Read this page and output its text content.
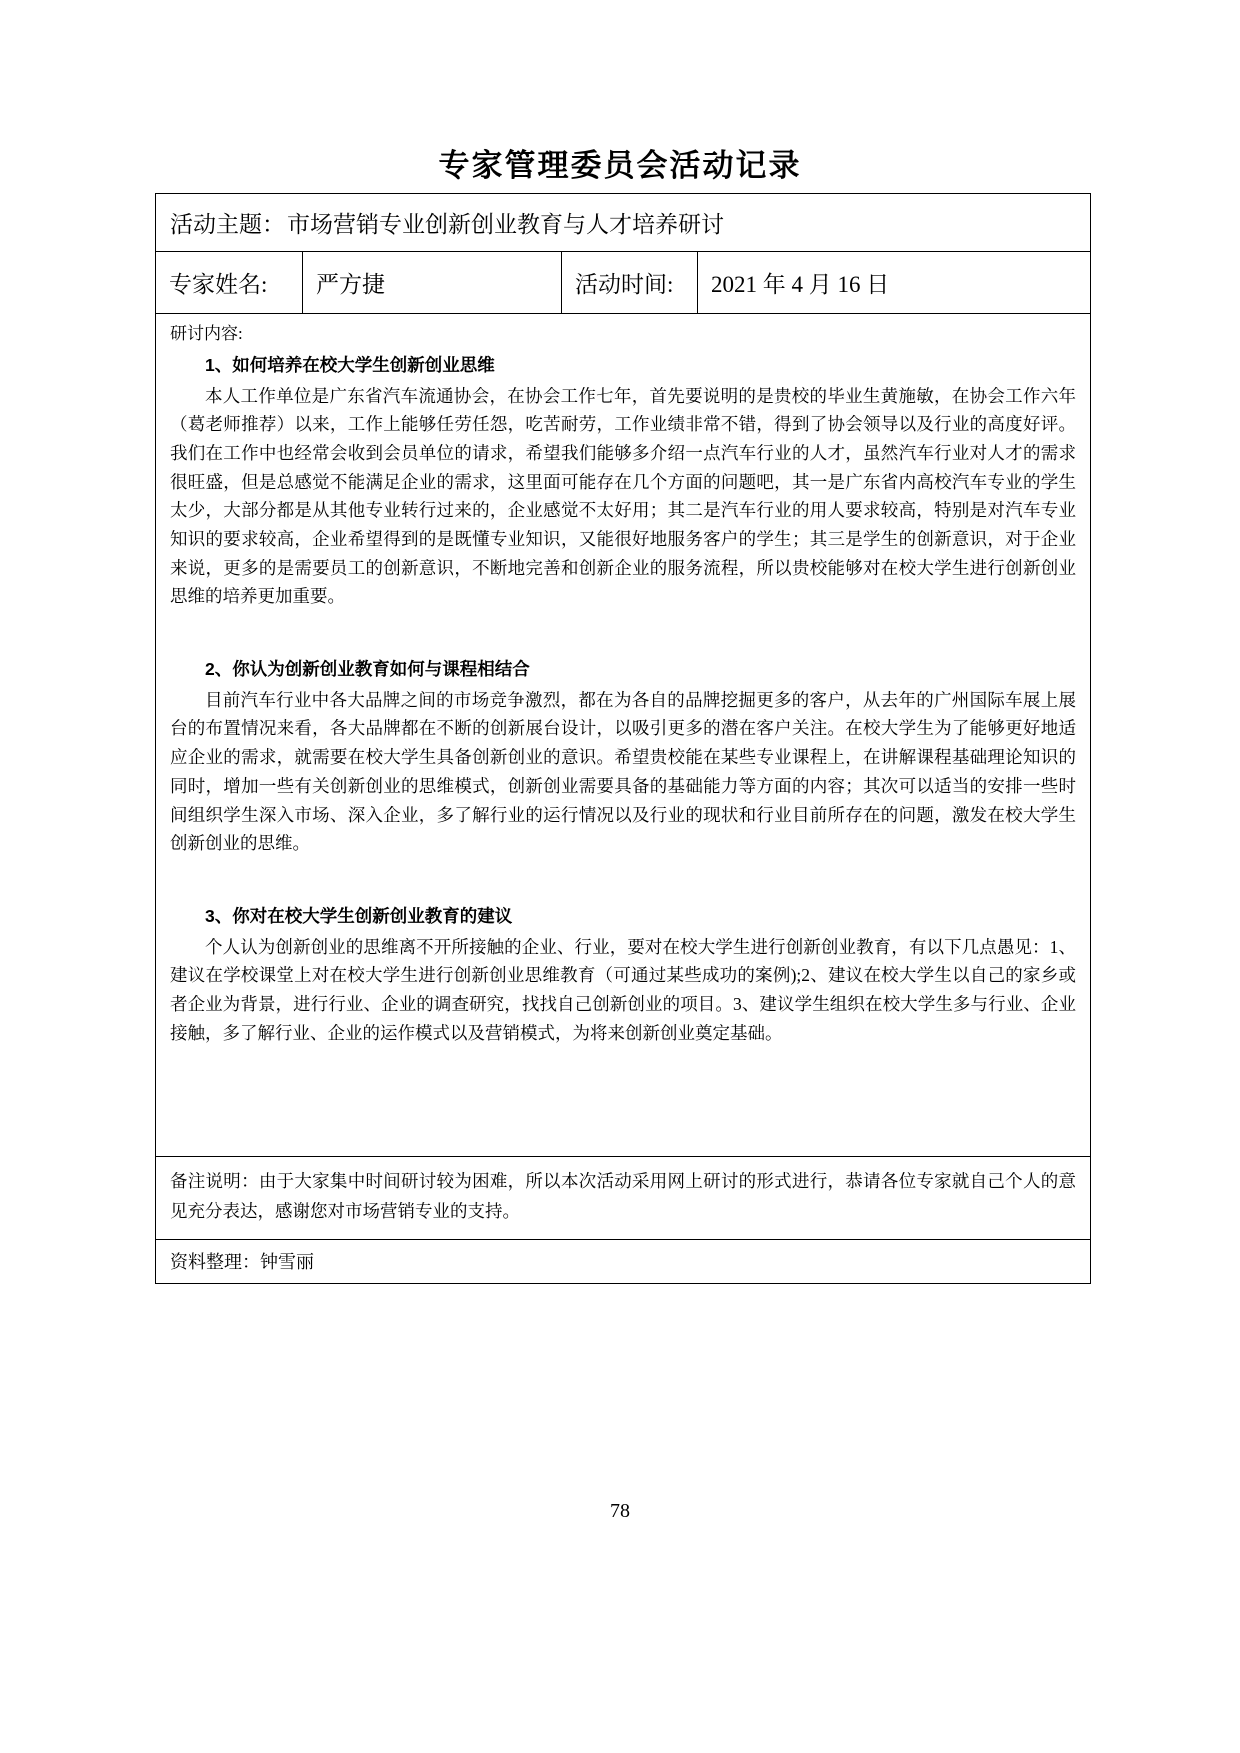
专家管理委员会活动记录
活动主题： 市场营销专业创新创业教育与人才培养研讨
专家姓名: 严方捷	活动时间: 2021 年 4 月 16 日
研讨内容:
1、如何培养在校大学生创新创业思维

本人工作单位是广东省汽车流通协会，在协会工作七年，首先要说明的是贵校的毕业生黄施敏，在协会工作六年（葛老师推荐）以来，工作上能够任劳任怨，吃苦耐劳，工作业绩非常不错，得到了协会领导以及行业的高度好评。我们在工作中也经常会收到会员单位的请求，希望我们能够多介绍一点汽车行业的人才，虽然汽车行业对人才的需求很旺盛，但是总感觉不能满足企业的需求，这里面可能存在几个方面的问题吧，其一是广东省内高校汽车专业的学生太少，大部分都是从其他专业转行过来的，企业感觉不太好用；其二是汽车行业的用人要求较高，特别是对汽车专业知识的要求较高，企业希望得到的是既懂专业知识，又能很好地服务客户的学生；其三是学生的创新意识，对于企业来说，更多的是需要员工的创新意识，不断地完善和创新企业的服务流程，所以贵校能够对在校大学生进行创新创业思维的培养更加重要。

2、你认为创新创业教育如何与课程相结合

目前汽车行业中各大品牌之间的市场竞争激烈，都在为各自的品牌挖掘更多的客户，从去年的广州国际车展上展台的布置情况来看，各大品牌都在不断的创新展台设计，以吸引更多的潜在客户关注。在校大学生为了能够更好地适应企业的需求，就需要在校大学生具备创新创业的意识。希望贵校能在某些专业课程上，在讲解课程基础理论知识的同时，增加一些有关创新创业的思维模式，创新创业需要具备的基础能力等方面的内容；其次可以适当的安排一些时间组织学生深入市场、深入企业，多了解行业的运行情况以及行业的现状和行业目前所存在的问题，激发在校大学生创新创业的思维。

3、你对在校大学生创新创业教育的建议

个人认为创新创业的思维离不开所接触的企业、行业，要对在校大学生进行创新创业教育，有以下几点愚见：1、建议在学校课堂上对在校大学生进行创新创业思维教育（可通过某些成功的案例);2、建议在校大学生以自己的家乡或者企业为背景，进行行业、企业的调查研究，找找自己创新创业的项目。3、建议学生组织在校大学生多与行业、企业接触，多了解行业、企业的运作模式以及营销模式，为将来创新创业奠定基础。

备注说明：由于大家集中时间研讨较为困难，所以本次活动采用网上研讨的形式进行，恭请各位专家就自己个人的意见充分表达，感谢您对市场营销专业的支持。
资料整理：钟雪丽
78
